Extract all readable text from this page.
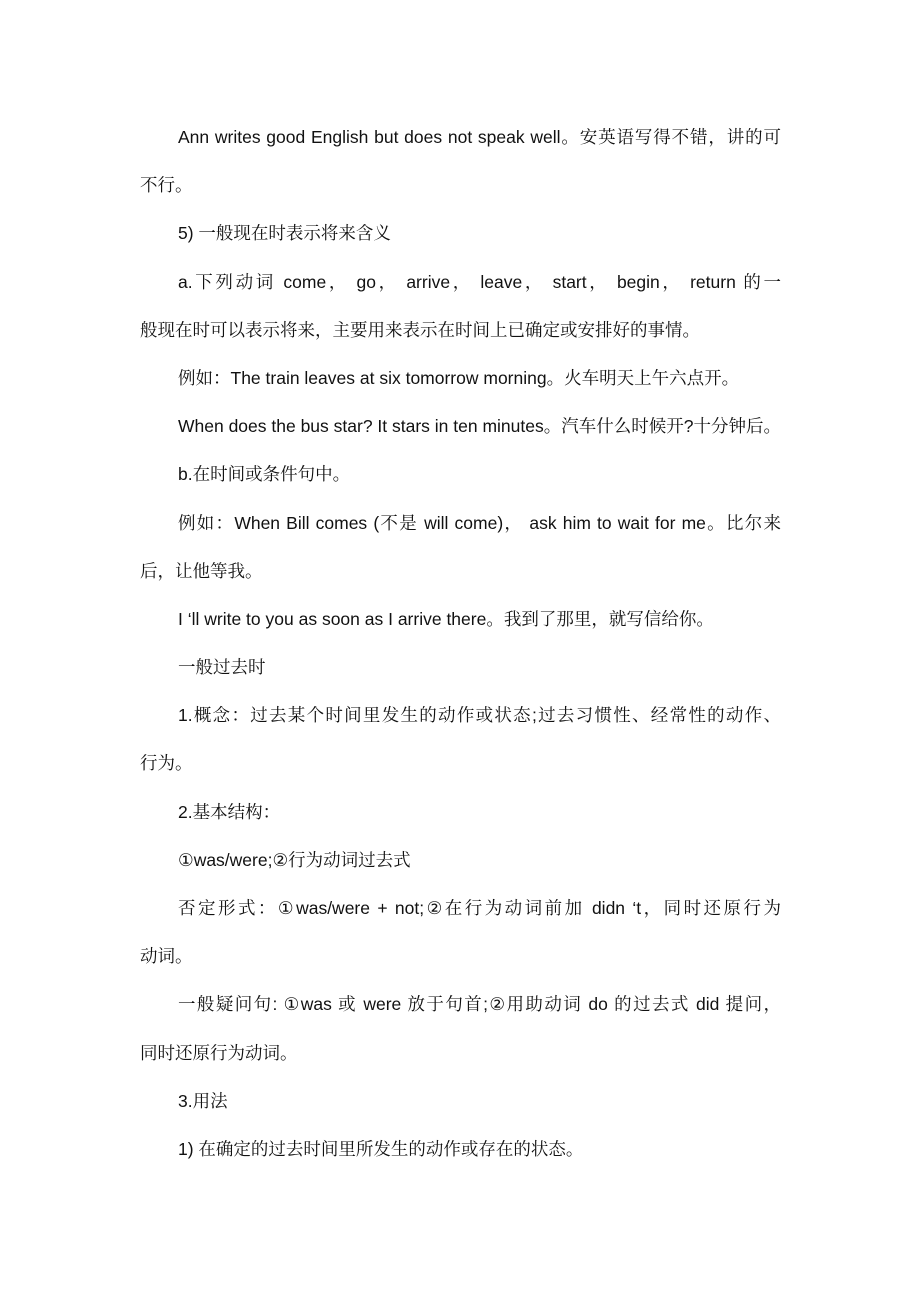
Ann writes good English but does not speak well。安英语写得不错，讲的可
不行。
5) 一般现在时表示将来含义
a.下列动词 come， go， arrive， leave， start， begin， return 的一
般现在时可以表示将来，主要用来表示在时间上已确定或安排好的事情。
例如：The train leaves at six tomorrow morning。火车明天上午六点开。
When does the bus star? It stars in ten minutes。汽车什么时候开?十分钟后。
b.在时间或条件句中。
例如：When Bill comes (不是 will come)， ask him to wait for me。比尔来
后，让他等我。
I ‘ll write to you as soon as I arrive there。我到了那里，就写信给你。
一般过去时
1.概念：过去某个时间里发生的动作或状态;过去习惯性、经常性的动作、
行为。
2.基本结构：
①was/were;②行为动词过去式
否定形式：①was/were + not;②在行为动词前加 didn ‘t，同时还原行为
动词。
一般疑问句: ①was 或 were 放于句首;②用助动词 do 的过去式 did 提问，
同时还原行为动词。
3.用法
1) 在确定的过去时间里所发生的动作或存在的状态。
